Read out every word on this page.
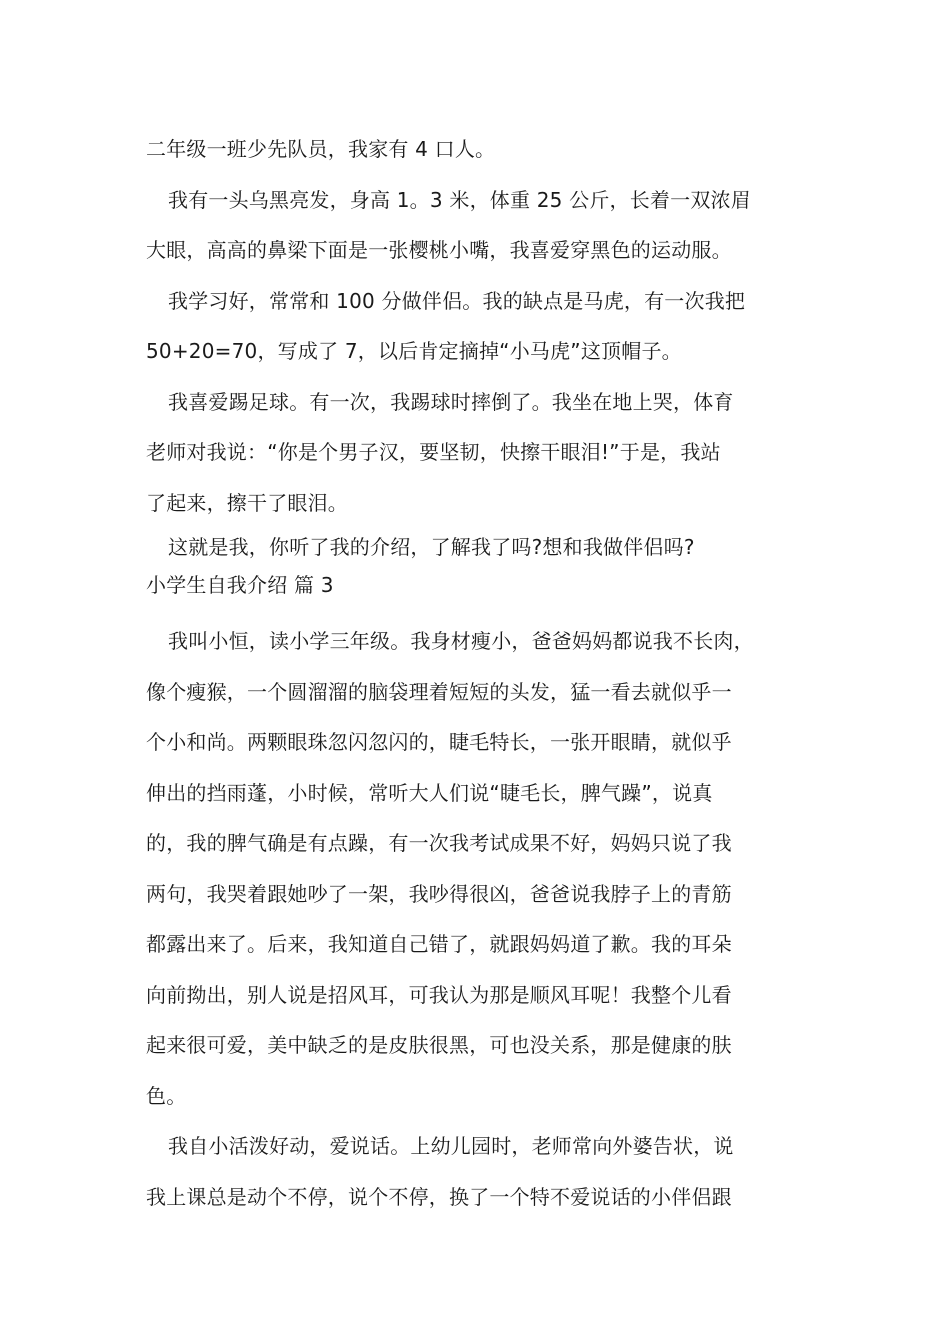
二年级一班少先队员，我家有 4 口人。
我有一头乌黑亮发，身高 1。3 米，体重 25 公斤，长着一双浓眉
大眼，高高的鼻梁下面是一张樱桃小嘴，我喜爱穿黑色的运动服。
我学习好，常常和 100 分做伴侣。我的缺点是马虎，有一次我把
50+20=70，写成了 7，以后肯定摘掉“小马虎”这顶帽子。
我喜爱踢足球。有一次，我踢球时摔倒了。我坐在地上哭，体育
老师对我说：“你是个男子汉，要坚韧，快擦干眼泪!”于是，我站
了起来，擦干了眼泪。
这就是我，你听了我的介绍，了解我了吗?想和我做伴侣吗?
小学生自我介绍 篇 3
我叫小恒，读小学三年级。我身材瘦小，爸爸妈妈都说我不长肉，
像个瘦猴，一个圆溜溜的脑袋理着短短的头发，猛一看去就似乎一
个小和尚。两颗眼珠忽闪忽闪的，睫毛特长，一张开眼睛，就似乎
伸出的挡雨蓬，小时候，常听大人们说“睫毛长，脾气躁”，说真
的，我的脾气确是有点躁，有一次我考试成果不好，妈妈只说了我
两句，我哭着跟她吵了一架，我吵得很凶，爸爸说我脖子上的青筋
都露出来了。后来，我知道自己错了，就跟妈妈道了歉。我的耳朵
向前拗出，别人说是招风耳，可我认为那是顺风耳呢！我整个儿看
起来很可爱，美中缺乏的是皮肤很黑，可也没关系，那是健康的肤
色。
我自小活泼好动，爱说话。上幼儿园时，老师常向外婆告状，说
我上课总是动个不停，说个不停，换了一个特不爱说话的小伴侣跟
